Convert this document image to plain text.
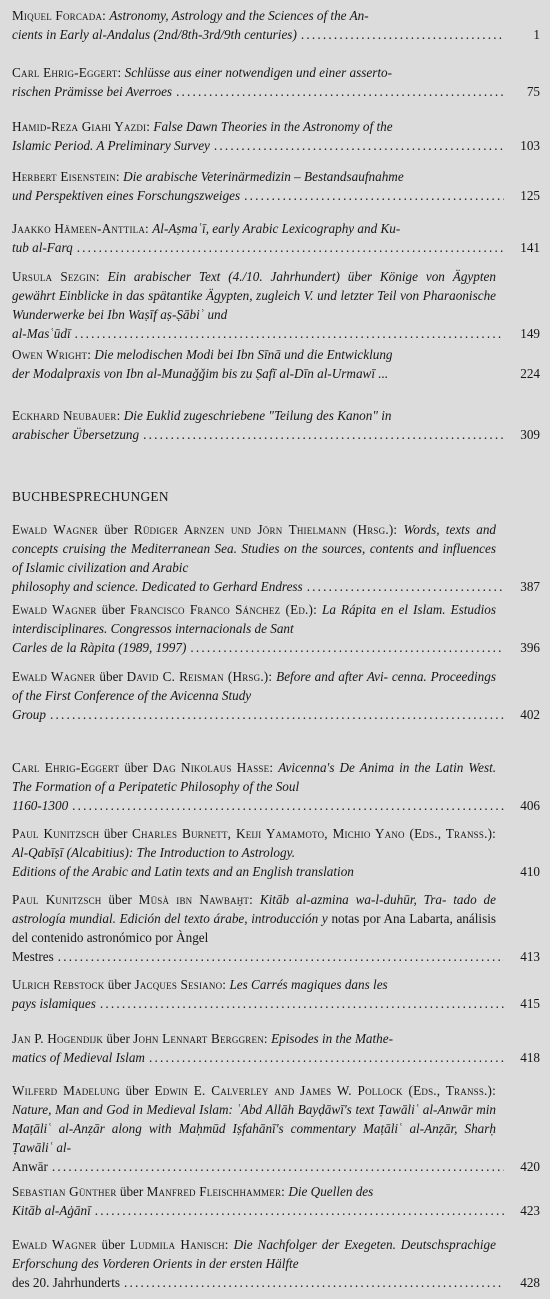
Miquel Forcada: Astronomy, Astrology and the Sciences of the An-
cients in Early al-Andalus (2nd/8th-3rd/9th centuries) .....	1
Carl Ehrig-Eggert: Schlüsse aus einer notwendigen und einer asserto-
rischen Prämisse bei Averroes .....	75
Hamid-Reza Giahi Yazdi: False Dawn Theories in the Astronomy of the
Islamic Period. A Preliminary Survey .....	103
Herbert Eisenstein: Die arabische Veterinärmedizin – Bestandsaufnahme
und Perspektiven eines Forschungszweiges .....	125
Jaakko Hämeen-Anttila: Al-Aṣmaʿī, early Arabic Lexicography and Ku-
tub al-Farq .....	141
Ursula Sezgin: Ein arabischer Text (4./10. Jahrhundert) über Könige von Ägypten gewährt Einblicke in das spätantike Ägypten, zugleich V. und letzter Teil von Pharaonische Wunderwerke bei Ibn Waṣīf aṣ-Ṣābiʾ und
al-Masʿūdī .....	149
Owen Wright: Die melodischen Modi bei Ibn Sīnā und die Entwicklung
der Modalpraxis von Ibn al-Munaǧǧim bis zu Ṣafī al-Dīn al-Urmawī ...	224
Eckhard Neubauer: Die Euklid zugeschriebene "Teilung des Kanon" in
arabischer Übersetzung .....	309
BUCHBESPRECHUNGEN
Ewald Wagner über Rüdiger Arnzen und Jörn Thielmann (Hrsg.): Words, texts and concepts cruising the Mediterranean Sea. Studies on the sources, contents and influences of Islamic civilization and Arabic
philosophy and science. Dedicated to Gerhard Endress .....	387
Ewald Wagner über Francisco Franco Sánchez (Ed.): La Rápita en el Islam. Estudios interdisciplinares. Congressos internacionals de Sant
Carles de la Ràpita (1989, 1997) .....	396
Ewald Wagner über David C. Reisman (Hrsg.): Before and after Avi- cenna. Proceedings of the First Conference of the Avicenna Study
Group .....	402
Carl Ehrig-Eggert über Dag Nikolaus Hasse: Avicenna's De Anima in the Latin West. The Formation of a Peripatetic Philosophy of the Soul
1160-1300 .....	406
Paul Kunitzsch über Charles Burnett, Keiji Yamamoto, Michio Yano (Eds., Transs.): Al-Qabīṣī (Alcabitius): The Introduction to Astrology.
Editions of the Arabic and Latin texts and an English translation	410
Paul Kunitzsch über Mūsà ibn Nawbaḫt: Kitāb al-azmina wa-l-duhūr, Tra- tado de astrología mundial. Edición del texto árabe, introducción y notas por Ana Labarta, análisis del contenido astronómico por Àngel
Mestres .....	413
Ulrich Rebstock über Jacques Sesiano: Les Carrés magiques dans les
pays islamiques .....	415
Jan P. Hogendijk über John Lennart Berggren: Episodes in the Mathe-
matics of Medieval Islam .....	418
Wilferd Madelung über Edwin E. Calverley and James W. Pollock (Eds., Transs.): Nature, Man and God in Medieval Islam: ʿAbd Allāh Bayḍāwī's text Ṭawāliʿ al-Anwār min Maṭāliʿ al-Anẓār along with Maḥmūd Iṣfahānī's commentary Maṭāliʿ al-Anẓār, Sharḥ Ṭawāliʿ al-
Anwār .....	420
Sebastian Günther über Manfred Fleischhammer: Die Quellen des
Kitāb al-Aġānī .....	423
Ewald Wagner über Ludmila Hanisch: Die Nachfolger der Exegeten. Deutschsprachige Erforschung des Vorderen Orients in der ersten Hälfte
des 20. Jahrhunderts .....	428
